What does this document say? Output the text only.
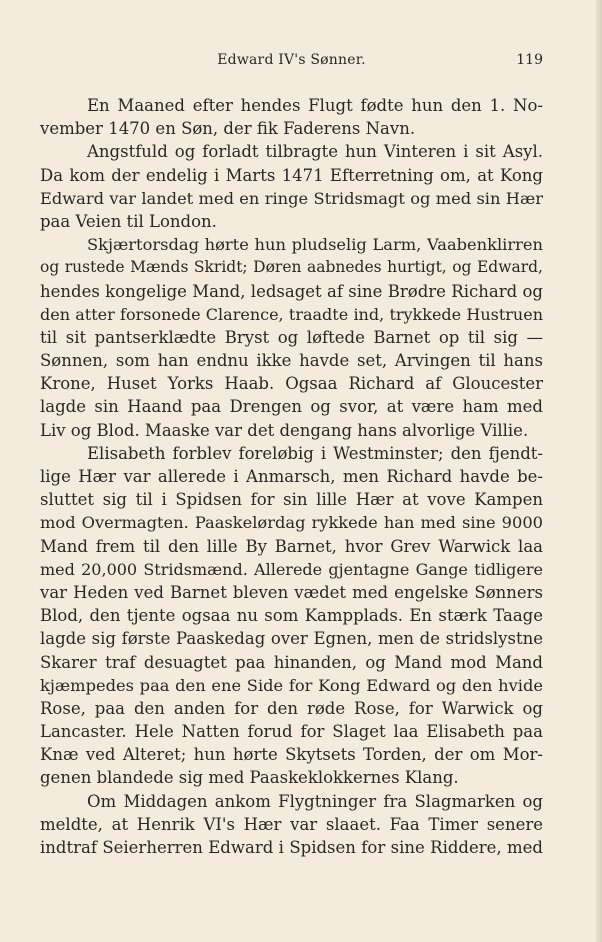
Edward IV's Sønner.	119
En Maaned efter hendes Flugt fødte hun den 1. No-
vember 1470 en Søn, der fik Faderens Navn.
Angstfuld og forladt tilbragte hun Vinteren i sit Asyl.
Da kom der endelig i Marts 1471 Efterretning om, at Kong
Edward var landet med en ringe Stridsmagt og med sin Hær
paa Veien til London.
Skjærtorsdag hørte hun pludselig Larm, Vaabenklirren
og rustede Mænds Skridt; Døren aabnedes hurtigt, og Edward,
hendes kongelige Mand, ledsaget af sine Brødre Richard og
den atter forsonede Clarence, traadte ind, trykkede Hustruen
til sit pantserklædte Bryst og løftede Barnet op til sig —
Sønnen, som han endnu ikke havde set, Arvingen til hans
Krone, Huset Yorks Haab. Ogsaa Richard af Gloucester
lagde sin Haand paa Drengen og svor, at være ham med
Liv og Blod. Maaske var det dengang hans alvorlige Villie.
Elisabeth forblev foreløbig i Westminster; den fjendt-
lige Hær var allerede i Anmarsch, men Richard havde be-
sluttet sig til i Spidsen for sin lille Hær at vove Kampen
mod Overmagten. Paaskelørdag rykkede han med sine 9000
Mand frem til den lille By Barnet, hvor Grev Warwick laa
med 20,000 Stridsmænd. Allerede gjentagne Gange tidligere
var Heden ved Barnet bleven vædet med engelske Sønners
Blod, den tjente ogsaa nu som Kampplads. En stærk Taage
lagde sig første Paaskedag over Egnen, men de stridslystne
Skarer traf desuagtet paa hinanden, og Mand mod Mand
kjæmpedes paa den ene Side for Kong Edward og den hvide
Rose, paa den anden for den røde Rose, for Warwick og
Lancaster. Hele Natten forud for Slaget laa Elisabeth paa
Knæ ved Alteret; hun hørte Skytsets Torden, der om Mor-
genen blandede sig med Paaskeklokkernes Klang.
Om Middagen ankom Flygtninger fra Slagmarken og
meldte, at Henrik VI's Hær var slaaet. Faa Timer senere
indtraf Seierherren Edward i Spidsen for sine Riddere, med
